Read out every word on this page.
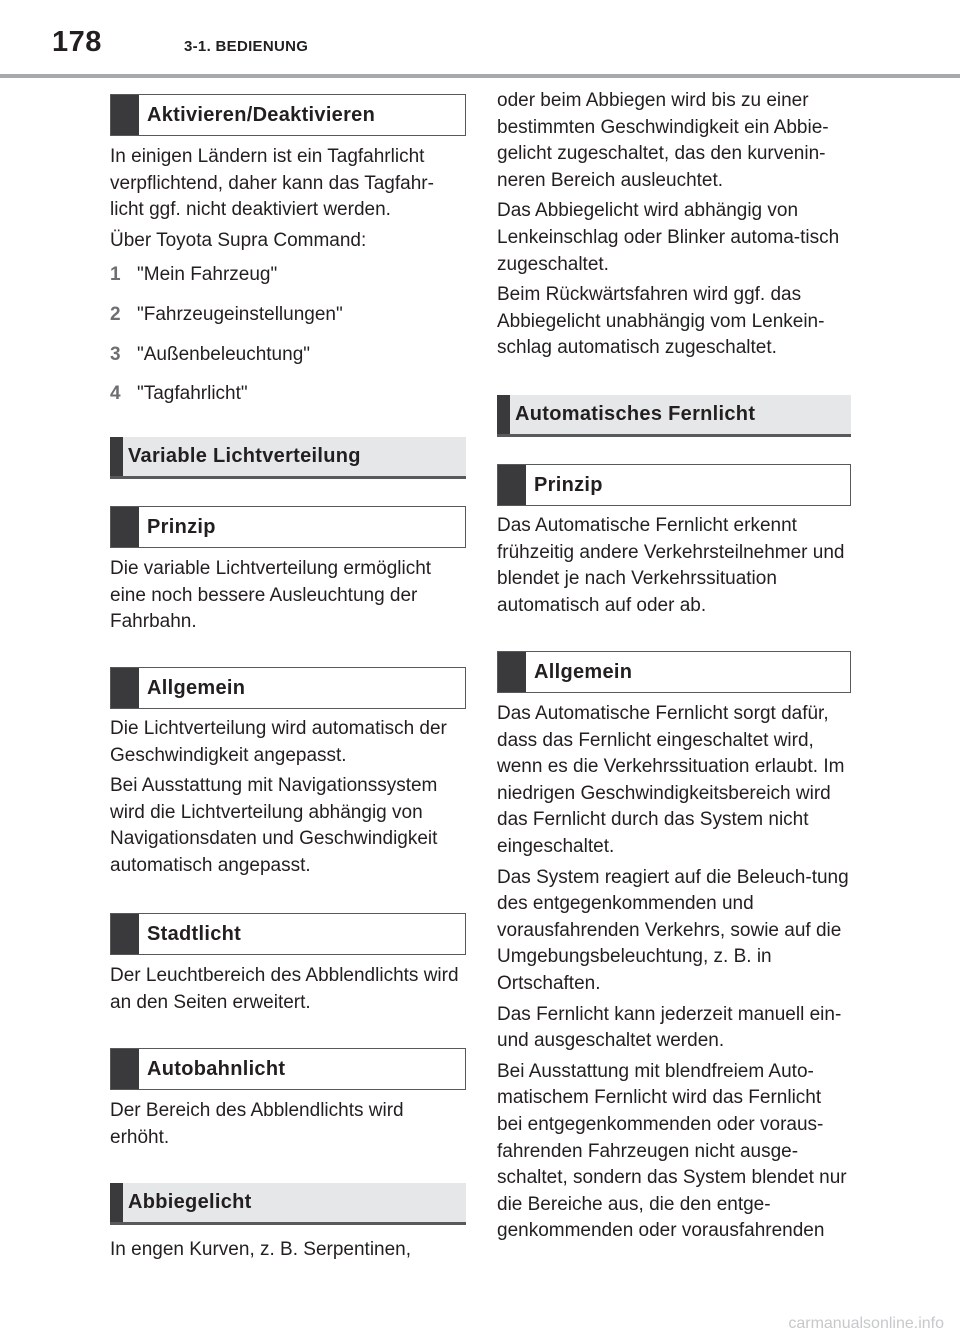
178	3-1. BEDIENUNG
Aktivieren/Deaktivieren

In einigen Ländern ist ein Tagfahrlicht verpflichtend, daher kann das Tagfahr-licht ggf. nicht deaktiviert werden.

Über Toyota Supra Command:

1 "Mein Fahrzeug"
2 "Fahrzeugeinstellungen"
3 "Außenbeleuchtung"
4 "Tagfahrlicht"
Variable Lichtverteilung
Prinzip

Die variable Lichtverteilung ermöglicht eine noch bessere Ausleuchtung der Fahrbahn.

Allgemein

Die Lichtverteilung wird automatisch der Geschwindigkeit angepasst.

Bei Ausstattung mit Navigationssystem wird die Lichtverteilung abhängig von Navigationsdaten und Geschwindigkeit automatisch angepasst.

Stadtlicht

Der Leuchtbereich des Abblendlichts wird an den Seiten erweitert.

Autobahnlicht

Der Bereich des Abblendlichts wird erhöht.

Abbiegelicht

In engen Kurven, z. B. Serpentinen,

oder beim Abbiegen wird bis zu einer bestimmten Geschwindigkeit ein Abbie-gelicht zugeschaltet, das den kurvenin-neren Bereich ausleuchtet.

Das Abbiegelicht wird abhängig von Lenkeinschlag oder Blinker automa-tisch zugeschaltet.

Beim Rückwärtsfahren wird ggf. das Abbiegelicht unabhängig vom Lenkein-schlag automatisch zugeschaltet.

Automatisches Fernlicht
Prinzip

Das Automatische Fernlicht erkennt frühzeitig andere Verkehrsteilnehmer und blendet je nach Verkehrssituation automatisch auf oder ab.

Allgemein

Das Automatische Fernlicht sorgt dafür, dass das Fernlicht eingeschaltet wird, wenn es die Verkehrssituation erlaubt. Im niedrigen Geschwindigkeitsbereich wird das Fernlicht durch das System nicht eingeschaltet.

Das System reagiert auf die Beleuch-tung des entgegenkommenden und vorausfahrenden Verkehrs, sowie auf die Umgebungsbeleuchtung, z. B. in Ortschaften.

Das Fernlicht kann jederzeit manuell ein- und ausgeschaltet werden.

Bei Ausstattung mit blendfreiem Auto-matischem Fernlicht wird das Fernlicht bei entgegenkommenden oder voraus-fahrenden Fahrzeugen nicht ausge-schaltet, sondern das System blendet nur die Bereiche aus, die den entge-genkommenden oder vorausfahrenden

carmanualsonline.info
